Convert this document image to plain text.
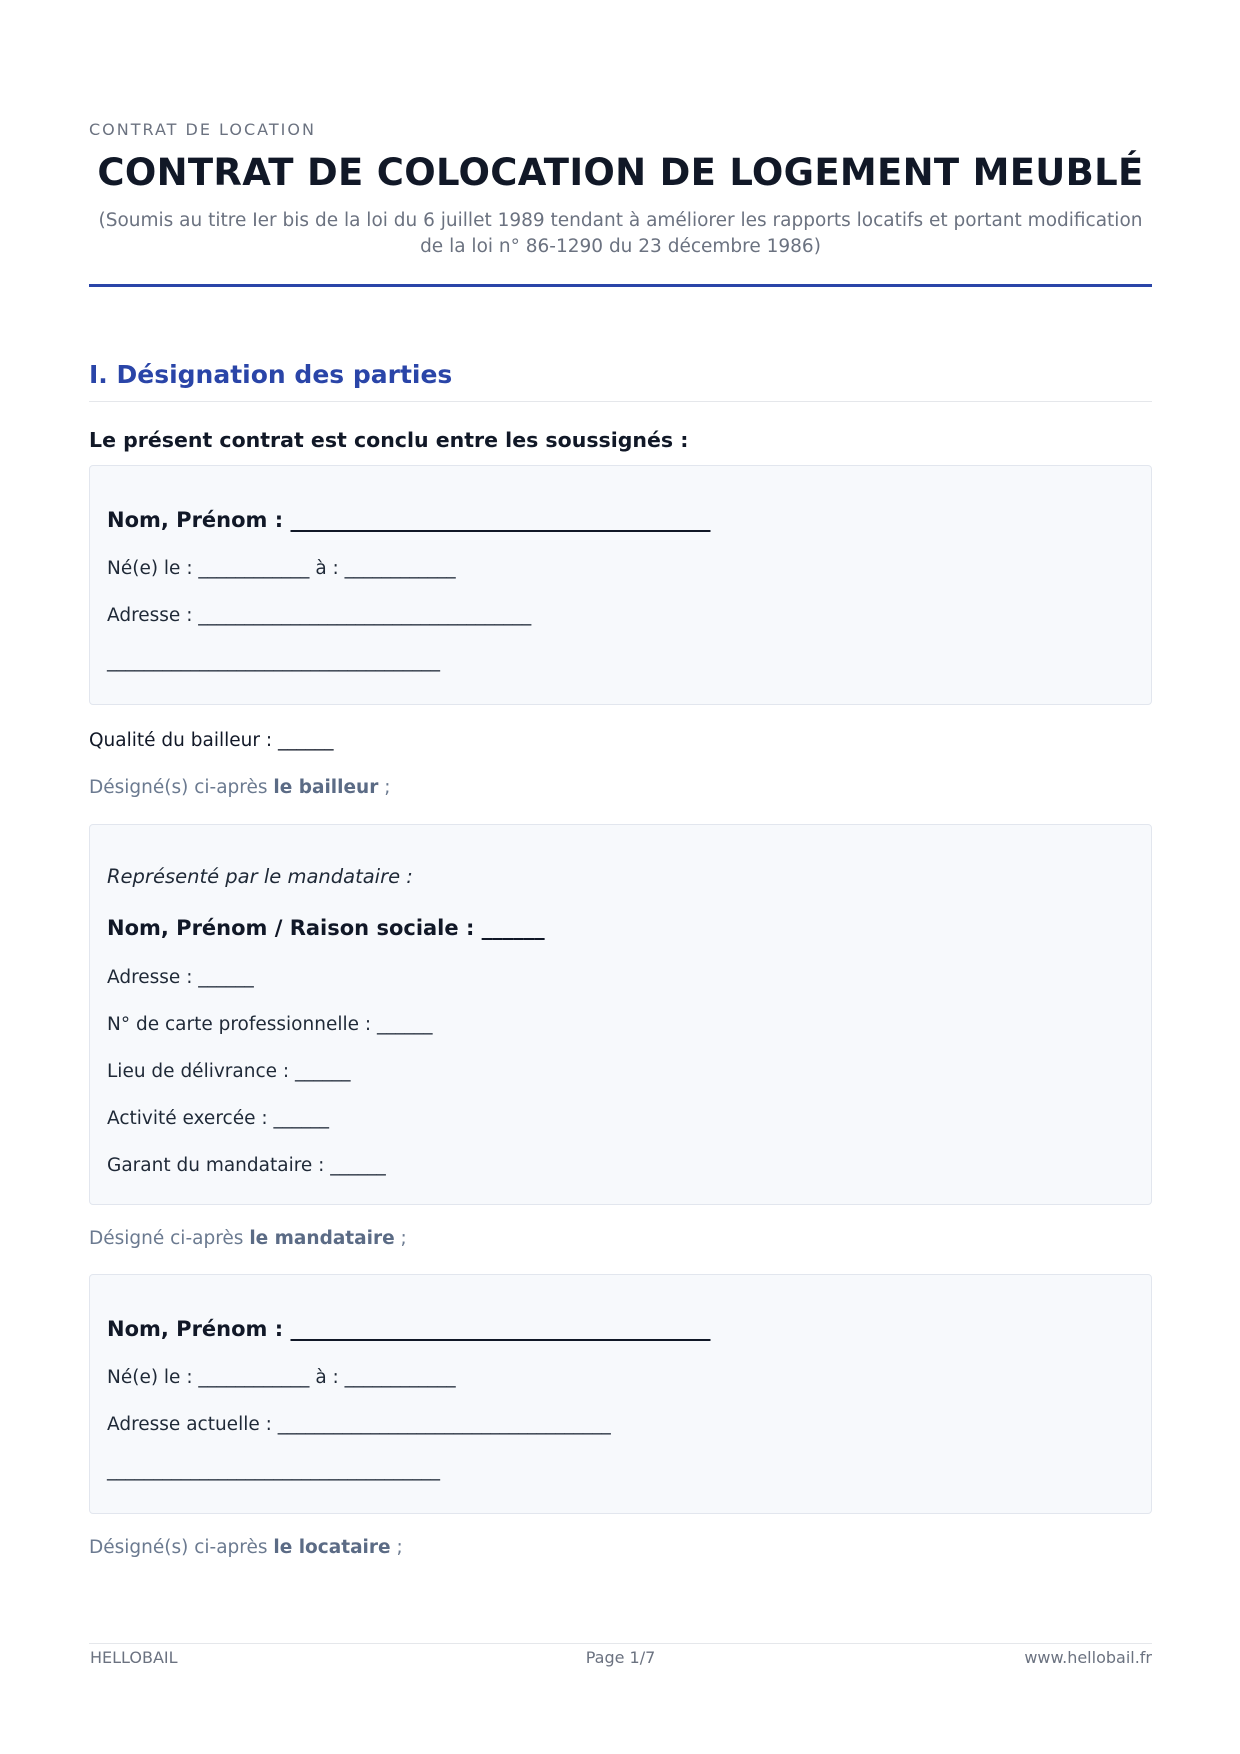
CONTRAT DE LOCATION
CONTRAT DE COLOCATION DE LOGEMENT MEUBLÉ
(Soumis au titre Ier bis de la loi du 6 juillet 1989 tendant à améliorer les rapports locatifs et portant modification de la loi n° 86-1290 du 23 décembre 1986)
I. Désignation des parties
Le présent contrat est conclu entre les soussignés :
Nom, Prénom : ________________________________________
Né(e) le : ____________ à : ____________
Adresse : ____________________________________
____________________________________
Qualité du bailleur : ______
Désigné(s) ci-après le bailleur ;
Représenté par le mandataire :
Nom, Prénom / Raison sociale : ______
Adresse : ______
N° de carte professionnelle : ______
Lieu de délivrance : ______
Activité exercée : ______
Garant du mandataire : ______
Désigné ci-après le mandataire ;
Nom, Prénom : ________________________________________
Né(e) le : ____________ à : ____________
Adresse actuelle : ____________________________________
____________________________________
Désigné(s) ci-après le locataire ;
HELLOBAIL	Page 1/7	www.hellobail.fr
